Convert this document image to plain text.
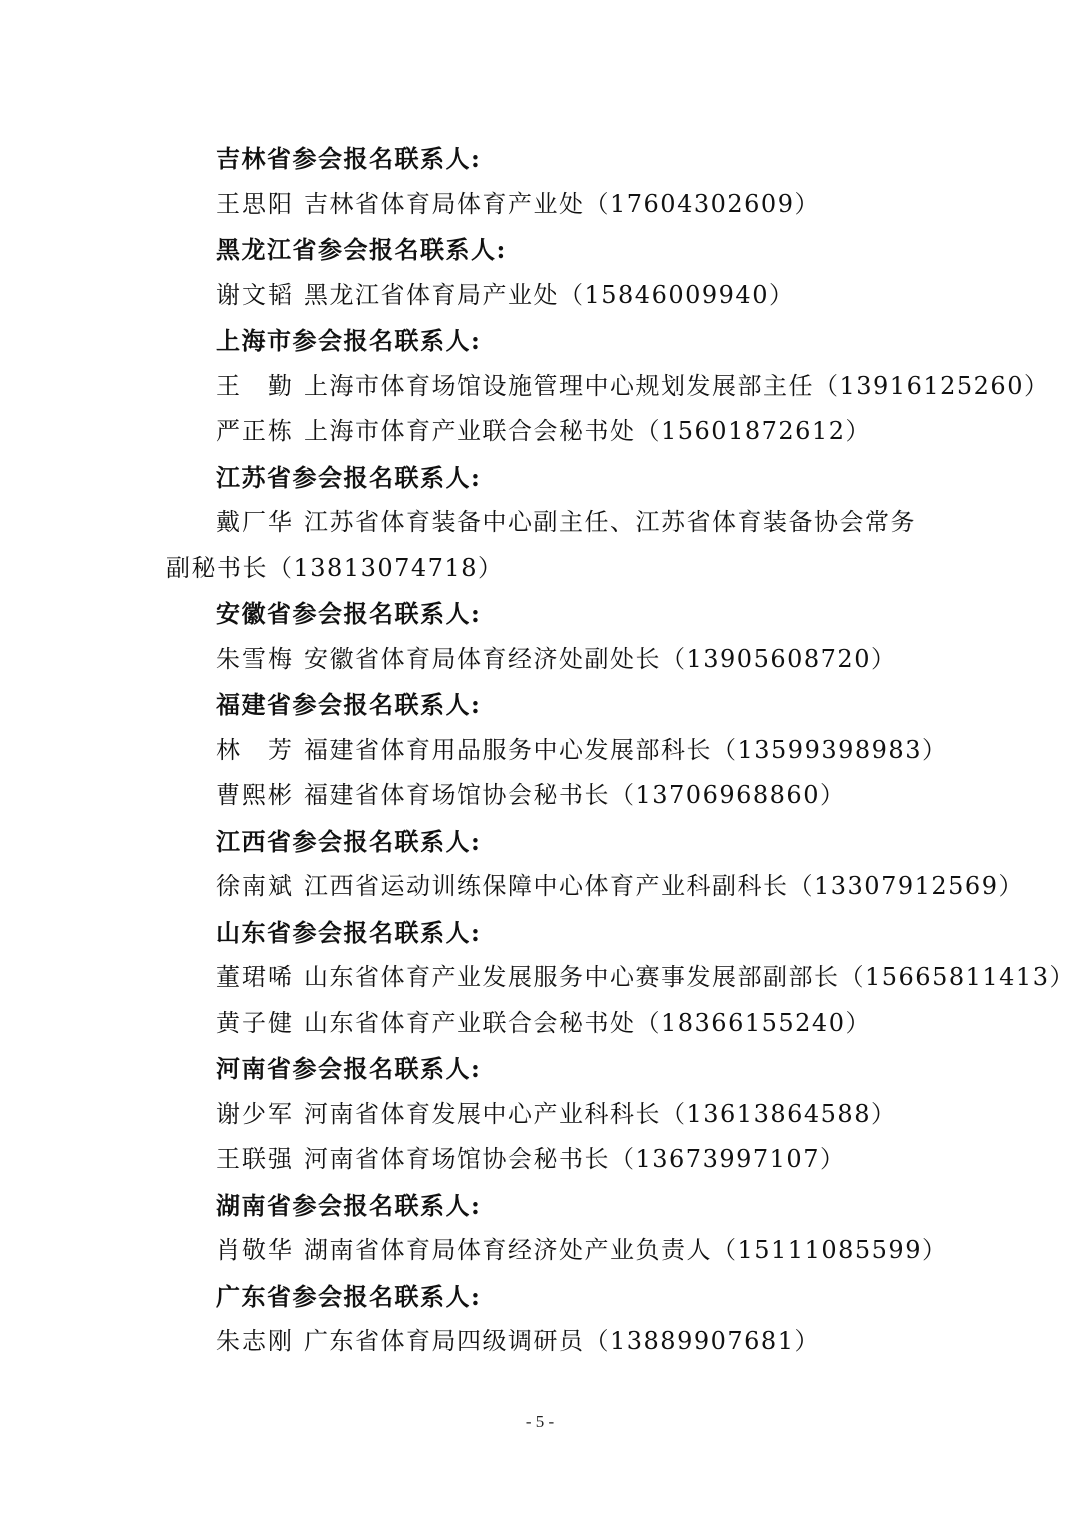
吉林省参会报名联系人:
王思阳 吉林省体育局体育产业处（17604302609）
黑龙江省参会报名联系人:
谢文韬 黑龙江省体育局产业处（15846009940）
上海市参会报名联系人:
王　勤 上海市体育场馆设施管理中心规划发展部主任（13916125260）
严正栋 上海市体育产业联合会秘书处（15601872612）
江苏省参会报名联系人:
戴厂华 江苏省体育装备中心副主任、江苏省体育装备协会常务
副秘书长（13813074718）
安徽省参会报名联系人:
朱雪梅 安徽省体育局体育经济处副处长（13905608720）
福建省参会报名联系人:
林　芳 福建省体育用品服务中心发展部科长（13599398983）
曹熙彬 福建省体育场馆协会秘书长（13706968860）
江西省参会报名联系人:
徐南斌 江西省运动训练保障中心体育产业科副科长（13307912569）
山东省参会报名联系人:
董珺唏 山东省体育产业发展服务中心赛事发展部副部长（15665811413）
黄子健 山东省体育产业联合会秘书处（18366155240）
河南省参会报名联系人:
谢少军 河南省体育发展中心产业科科长（13613864588）
王联强 河南省体育场馆协会秘书长（13673997107）
湖南省参会报名联系人:
肖敬华 湖南省体育局体育经济处产业负责人（15111085599）
广东省参会报名联系人:
朱志刚 广东省体育局四级调研员（13889907681）
- 5 -
